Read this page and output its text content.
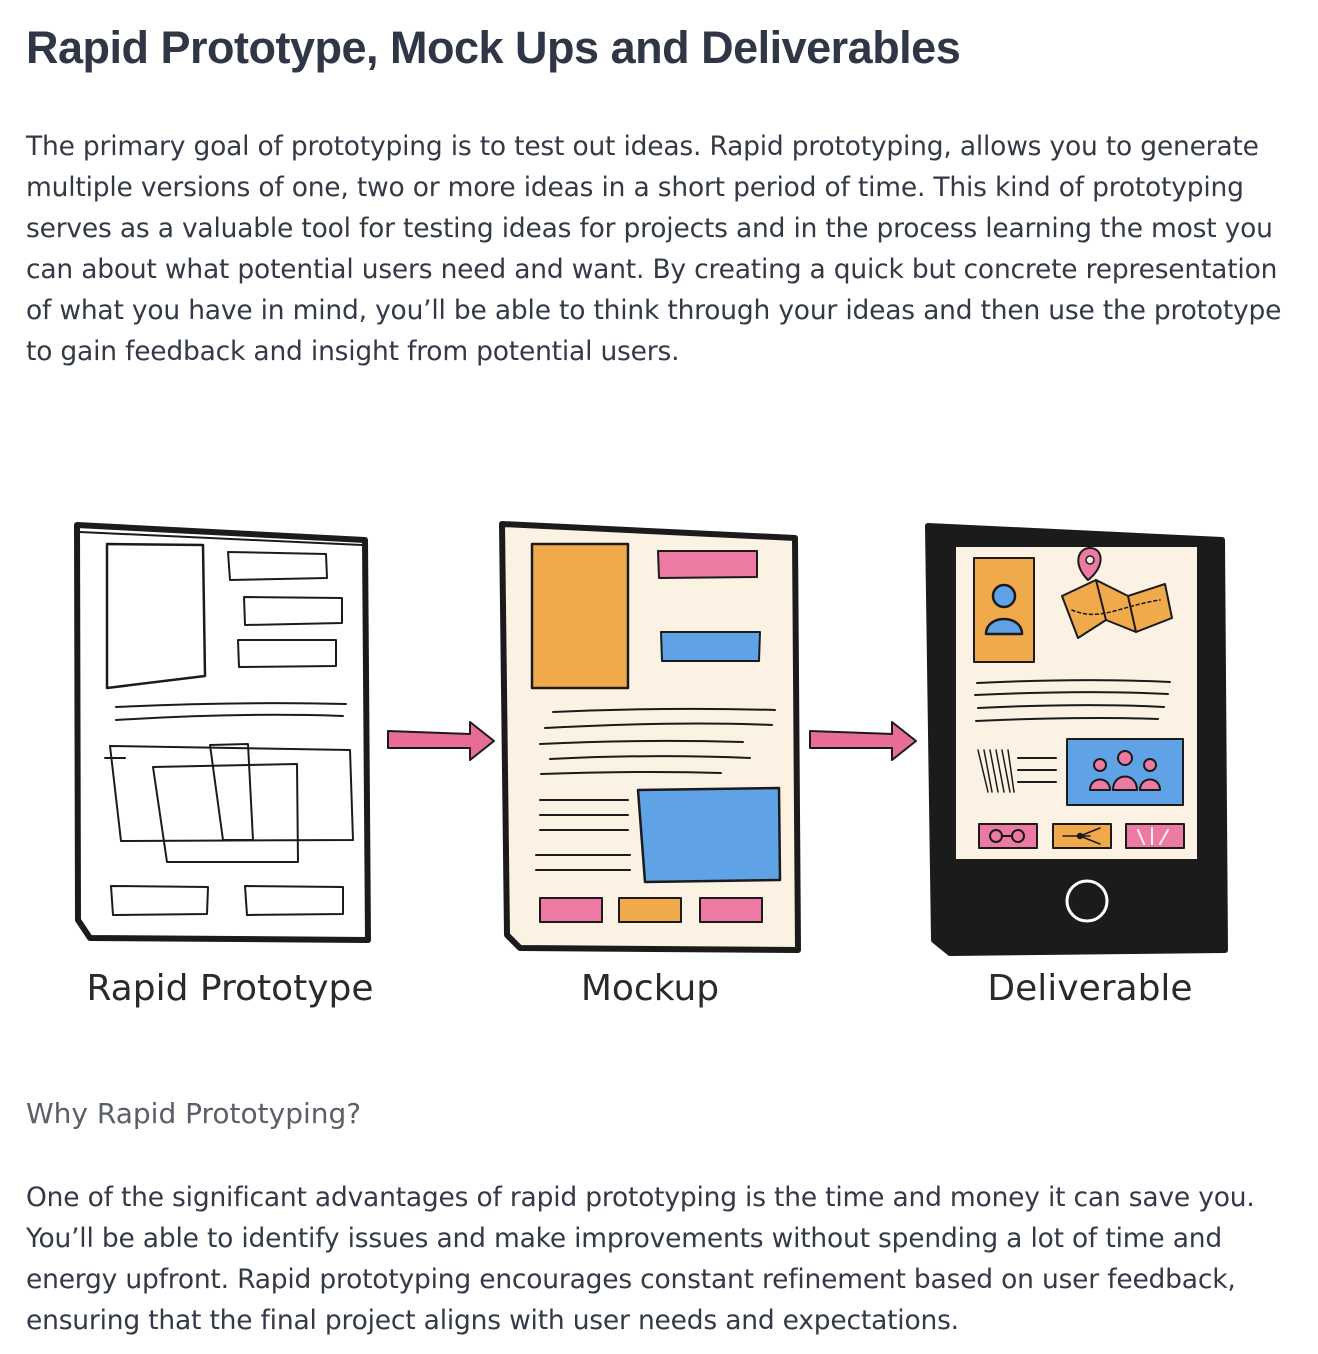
Rapid Prototype, Mock Ups and Deliverables

The primary goal of prototyping is to test out ideas. Rapid prototyping, allows you to generate multiple versions of one, two or more ideas in a short period of time. This kind of prototyping serves as a valuable tool for testing ideas for projects and in the process learning the most you can about what potential users need and want. By creating a quick but concrete representation of what you have in mind, you’ll be able to think through your ideas and then use the prototype to gain feedback and insight from potential users.

Rapid Prototype	Mockup	Deliverable
Why Rapid Prototyping?

One of the significant advantages of rapid prototyping is the time and money it can save you. You’ll be able to identify issues and make improvements without spending a lot of time and energy upfront. Rapid prototyping encourages constant refinement based on user feedback, ensuring that the final project aligns with user needs and expectations.
